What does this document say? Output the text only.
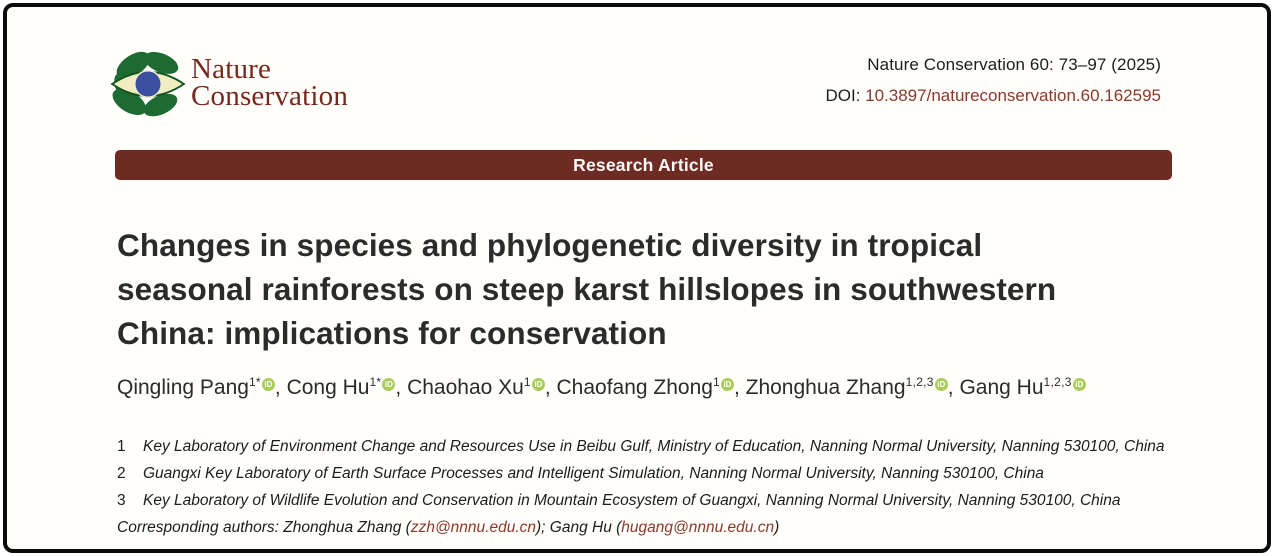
Nature
Conservation
Nature Conservation 60: 73–97 (2025)
DOI: 10.3897/natureconservation.60.162595
Research Article
Changes in species and phylogenetic diversity in tropical
seasonal rainforests on steep karst hillslopes in southwestern
China: implications for conservation
Qingling Pang$^{1*}$ iD , Cong $Hu^{1*}$ iD , Chaohao Xu$^1$ iD , Chaofang Zhong$^1$ iD , Zhonghua Zhang$^{1,2,3}$ iD , Gang Hu$^{1,2,3}$ iD
1	Key Laboratory of Environment Change and Resources Use in Beibu Gulf, Ministry of Education, Nanning Normal University, Nanning 530100, China
2	Guangxi Key Laboratory of Earth Surface Processes and Intelligent Simulation, Nanning Normal University, Nanning 530100, China
3	Key Laboratory of Wildlife Evolution and Conservation in Mountain Ecosystem of Guangxi, Nanning Normal University, Nanning 530100, China
Corresponding authors: Zhonghua Zhang (zzh@nnnu.edu.cn); Gang Hu (hugang@nnnu.edu.cn)
